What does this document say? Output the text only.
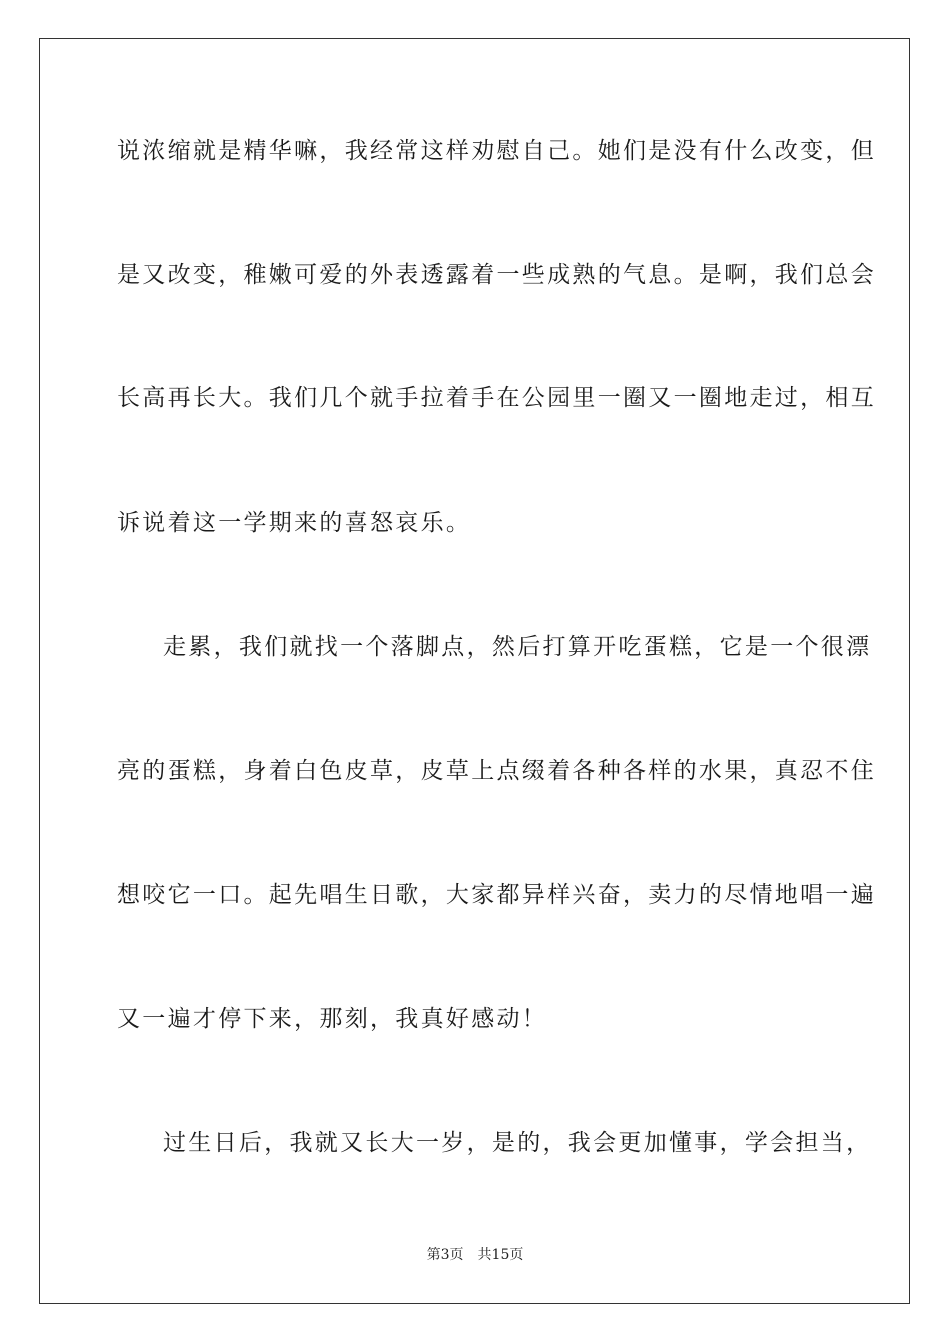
说浓缩就是精华嘛，我经常这样劝慰自己。她们是没有什么改变，但
是又改变，稚嫩可爱的外表透露着一些成熟的气息。是啊，我们总会
长高再长大。我们几个就手拉着手在公园里一圈又一圈地走过，相互
诉说着这一学期来的喜怒哀乐。
走累，我们就找一个落脚点，然后打算开吃蛋糕，它是一个很漂
亮的蛋糕，身着白色皮草，皮草上点缀着各种各样的水果，真忍不住
想咬它一口。起先唱生日歌，大家都异样兴奋，卖力的尽情地唱一遍
又一遍才停下来，那刻，我真好感动！
过生日后，我就又长大一岁，是的，我会更加懂事，学会担当，
第3页 共15页
